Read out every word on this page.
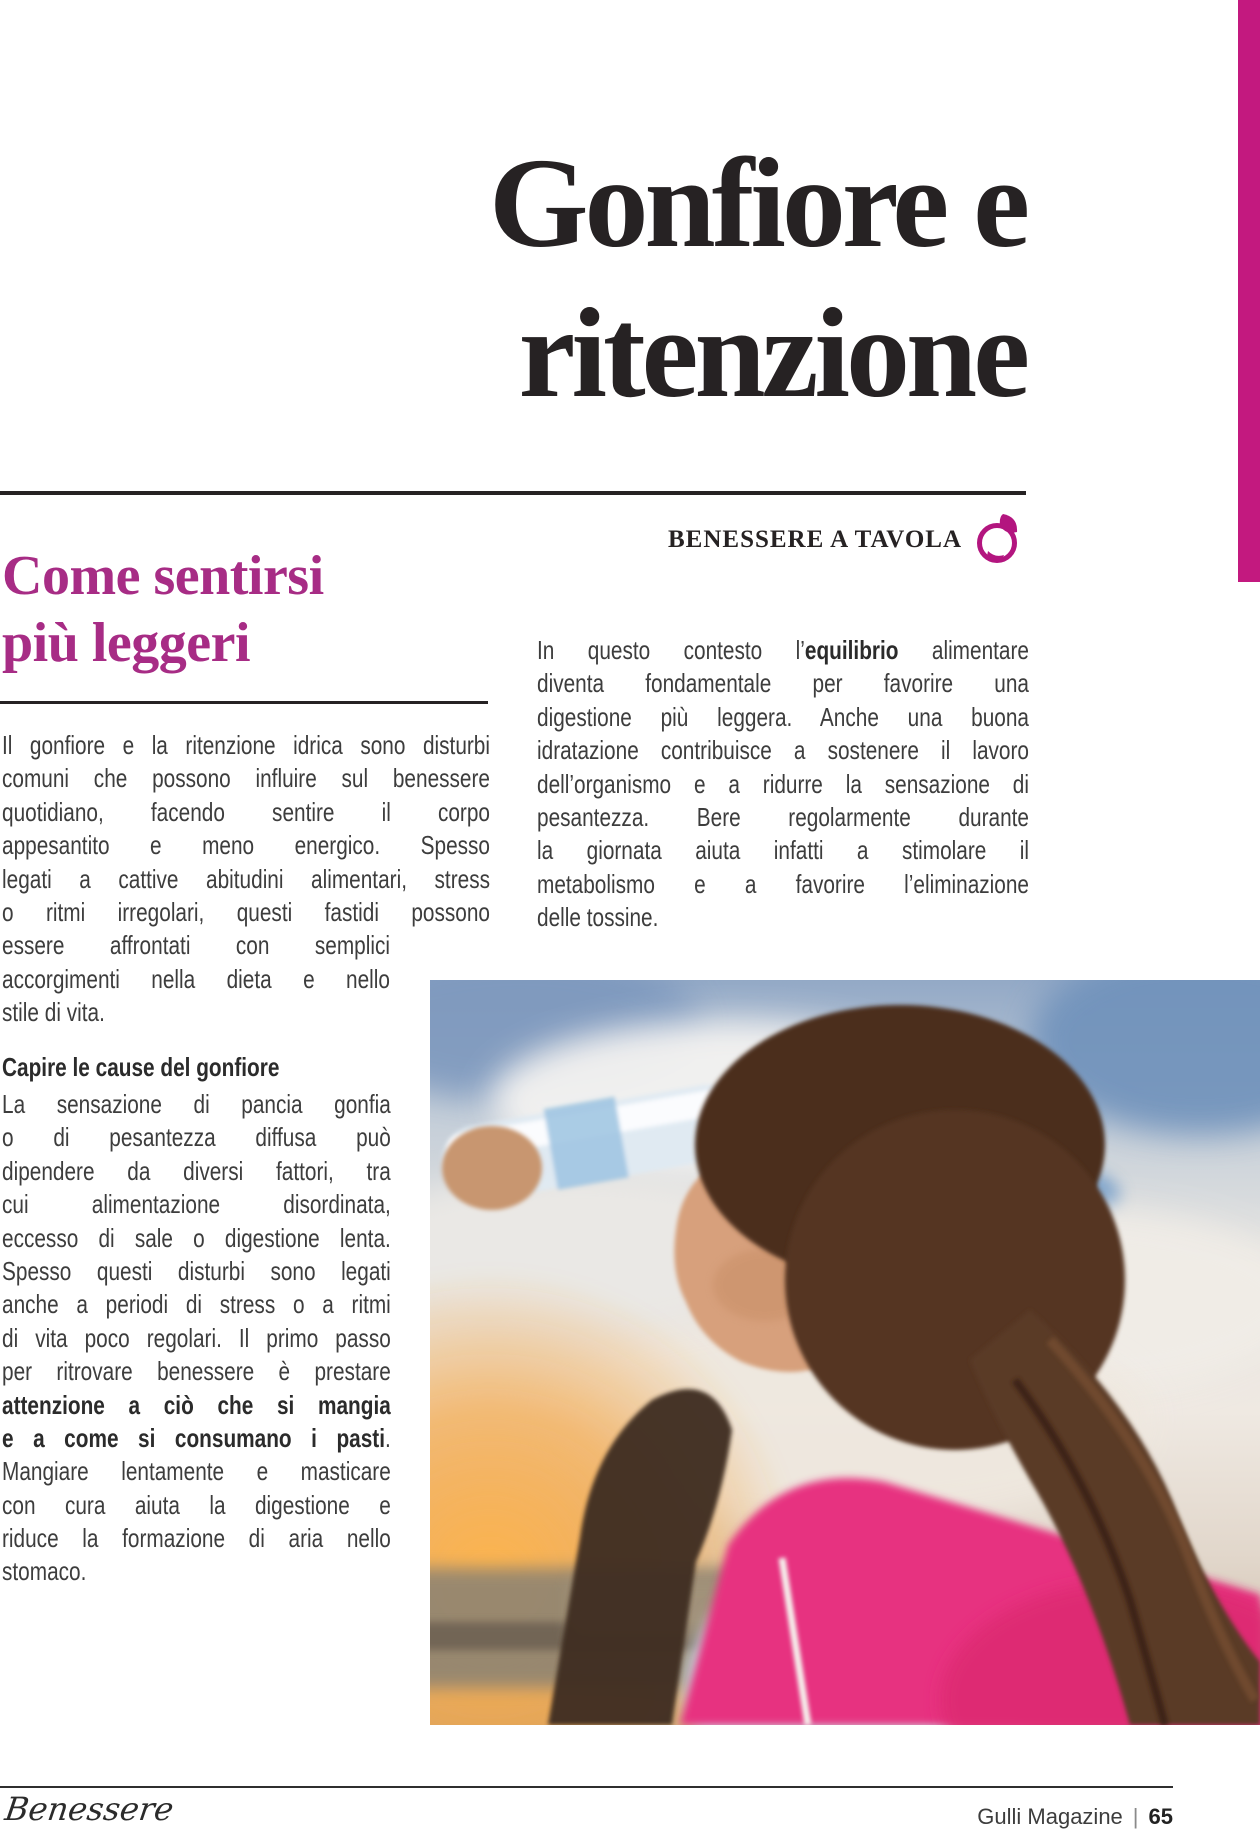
Gonfiore e
ritenzione
BENESSERE A TAVOLA
Come sentirsi
più leggeri
Il gonfiore e la ritenzione idrica sono disturbi
comuni che possono influire sul benessere
quotidiano, facendo sentire il corpo
appesantito e meno energico. Spesso
legati a cattive abitudini alimentari, stress
o ritmi irregolari, questi fastidi possono
essere affrontati con semplici
accorgimenti nella dieta e nello
stile di vita.
Capire le cause del gonfiore
La sensazione di pancia gonfia
o di pesantezza diffusa può
dipendere da diversi fattori, tra
cui alimentazione disordinata,
eccesso di sale o digestione lenta.
Spesso questi disturbi sono legati
anche a periodi di stress o a ritmi
di vita poco regolari. Il primo passo
per ritrovare benessere è prestare
attenzione a ciò che si mangia
e a come si consumano i pasti.
Mangiare lentamente e masticare
con cura aiuta la digestione e
riduce la formazione di aria nello
stomaco.
In questo contesto l’equilibrio alimentare
diventa fondamentale per favorire una
digestione più leggera. Anche una buona
idratazione contribuisce a sostenere il lavoro
dell’organismo e a ridurre la sensazione di
pesantezza. Bere regolarmente durante
la giornata aiuta infatti a stimolare il
metabolismo e a favorire l’eliminazione
delle tossine.
Benessere	Gulli Magazine | 65
